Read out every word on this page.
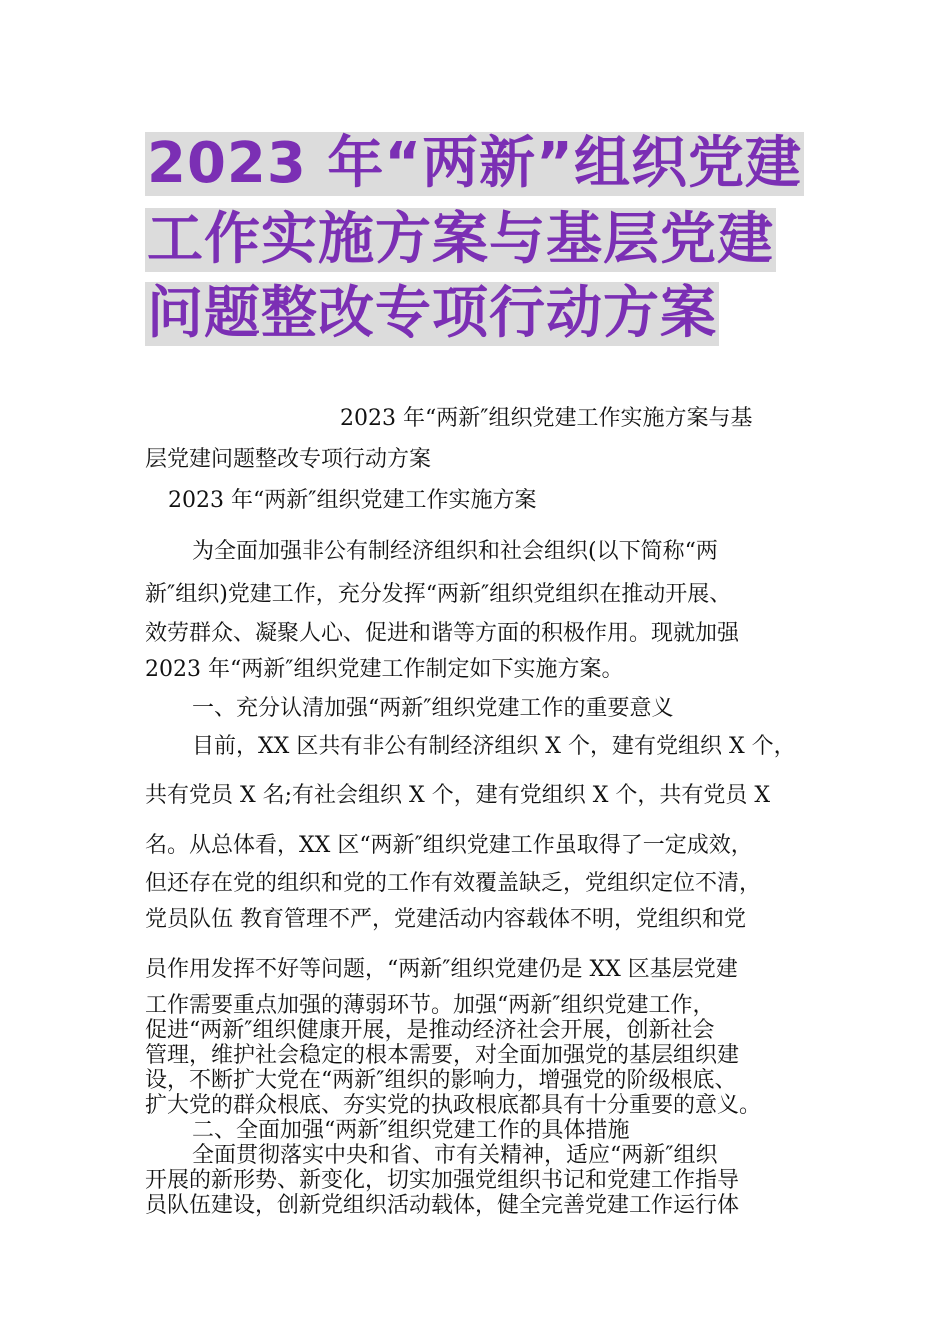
2023 年“两新”组织党建
工作实施方案与基层党建
问题整改专项行动方案
2023 年“两新″组织党建工作实施方案与基
层党建问题整改专项行动方案
2023 年“两新″组织党建工作实施方案
为全面加强非公有制经济组织和社会组织(以下简称“两
新″组织)党建工作，充分发挥“两新″组织党组织在推动开展、
效劳群众、凝聚人心、促进和谐等方面的积极作用。现就加强
2023 年“两新″组织党建工作制定如下实施方案。
一、充分认清加强“两新″组织党建工作的重要意义
目前，XX 区共有非公有制经济组织 X 个，建有党组织 X 个，
共有党员 X 名;有社会组织 X 个，建有党组织 X 个，共有党员 X
名。从总体看，XX 区“两新″组织党建工作虽取得了一定成效，
但还存在党的组织和党的工作有效覆盖缺乏，党组织定位不清，
党员队伍 教育管理不严，党建活动内容载体不明，党组织和党
员作用发挥不好等问题，“两新″组织党建仍是 XX 区基层党建
工作需要重点加强的薄弱环节。加强“两新″组织党建工作，
促进“两新″组织健康开展，是推动经济社会开展，创新社会
管理，维护社会稳定的根本需要，对全面加强党的基层组织建
设，不断扩大党在“两新″组织的影响力，增强党的阶级根底、
扩大党的群众根底、夯实党的执政根底都具有十分重要的意义。
二、全面加强“两新″组织党建工作的具体措施
全面贯彻落实中央和省、市有关精神，适应“两新″组织
开展的新形势、新变化，切实加强党组织书记和党建工作指导
员队伍建设，创新党组织活动载体，健全完善党建工作运行体
